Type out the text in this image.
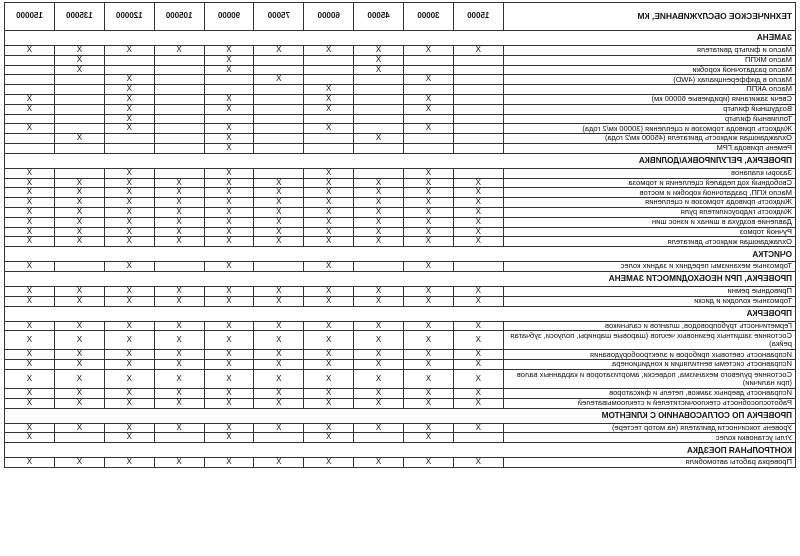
ТЕХНИЧЕСКОЕ ОБСЛУЖИВАНИЕ, КМ	15000	30000	45000	60000	75000	90000	105000	120000	135000	150000
ЗАМЕНА										
Масло и фильтр двигателя	X	X	X	X	X	X	X	X	X	X
Масло МКПП			X			X			X	
Масло раздаточной коробки			X			X			X	
Масло в дифференциалах (4WD)		X			X			X		
Масло АКПП				X				X		
Свечи зажигания (иридиевые 60000 км)		X		X		X		X		X
Воздушный фильтр		X		X		X		X		X
Топливный фильтр								X		
Жидкость привода тормозов и сцепления (30000 км/2 года)		X		X		X		X		X
Охлаждающая жидкость двигателя (45000 км/2 года)			X			X			X	
Ремень привода ГРМ						X				
ПРОВЕРКА, РЕГУЛИРОВКА/ДОЛИВКА										
Зазоры клапанов		X		X		X		X		X
Свободный ход педалей сцепления и тормоза	X	X	X	X	X	X	X	X	X	X
Масло КПП, раздаточной коробки и мостов	X	X	X	X	X	X	X	X	X	X
Жидкость привода тормозов и сцепления	X	X	X	X	X	X	X	X	X	X
Жидкость гидроусилителя руля	X	X	X	X	X	X	X	X	X	X
Давление воздуха в шинах и износ шин	X	X	X	X	X	X	X	X	X	X
Ручной тормоз	X	X	X	X	X	X	X	X	X	X
Охлаждающая жидкость двигателя	X	X	X	X	X	X	X	X	X	X
ОЧИСТКА										
Тормозные механизмы передних и задних колес		X		X		X		X		X
ПРОВЕРКА, ПРИ НЕОБХОДИМОСТИ ЗАМЕНА										
Приводные ремни	X	X	X	X	X	X	X	X	X	X
Тормозные колодки и диски	X	X	X	X	X	X	X	X	X	X
ПРОВЕРКА										
Герметичность трубопроводов, шлангов и сальников	X	X	X	X	X	X	X	X	X	X
Состояние защитных резиновых чехлов (шаровые шарниры, полуоси, зубчатая рейка)	X	X	X	X	X	X	X	X	X	X
Исправность световых приборов и электрооборудования	X	X	X	X	X	X	X	X	X	X
Исправность системы вентиляции и кондиционера	X	X	X	X	X	X	X	X	X	X
Состояние рулевого механизма, подвески, амортизаторов и карданных валов (при наличии)	X	X	X	X	X	X	X	X	X	X
Исправность дверных замков, петель и фиксаторов	X	X	X	X	X	X	X	X	X	X
Работоспособность стеклоочистителей и стеклоомывателей	X	X	X	X	X	X	X	X	X	X
ПРОВЕРКА ПО СОГЛАСОВАНИЮ С КЛИЕНТОМ										
Уровень токсичности двигателя (на мотор тестере)	X	X	X	X	X	X	X	X	X	X
Углы установки колес		X		X		X		X		X
КОНТРОЛЬНАЯ ПОЕЗДКА										
Проверка работы автомобиля	X	X	X	X	X	X	X	X	X	X
